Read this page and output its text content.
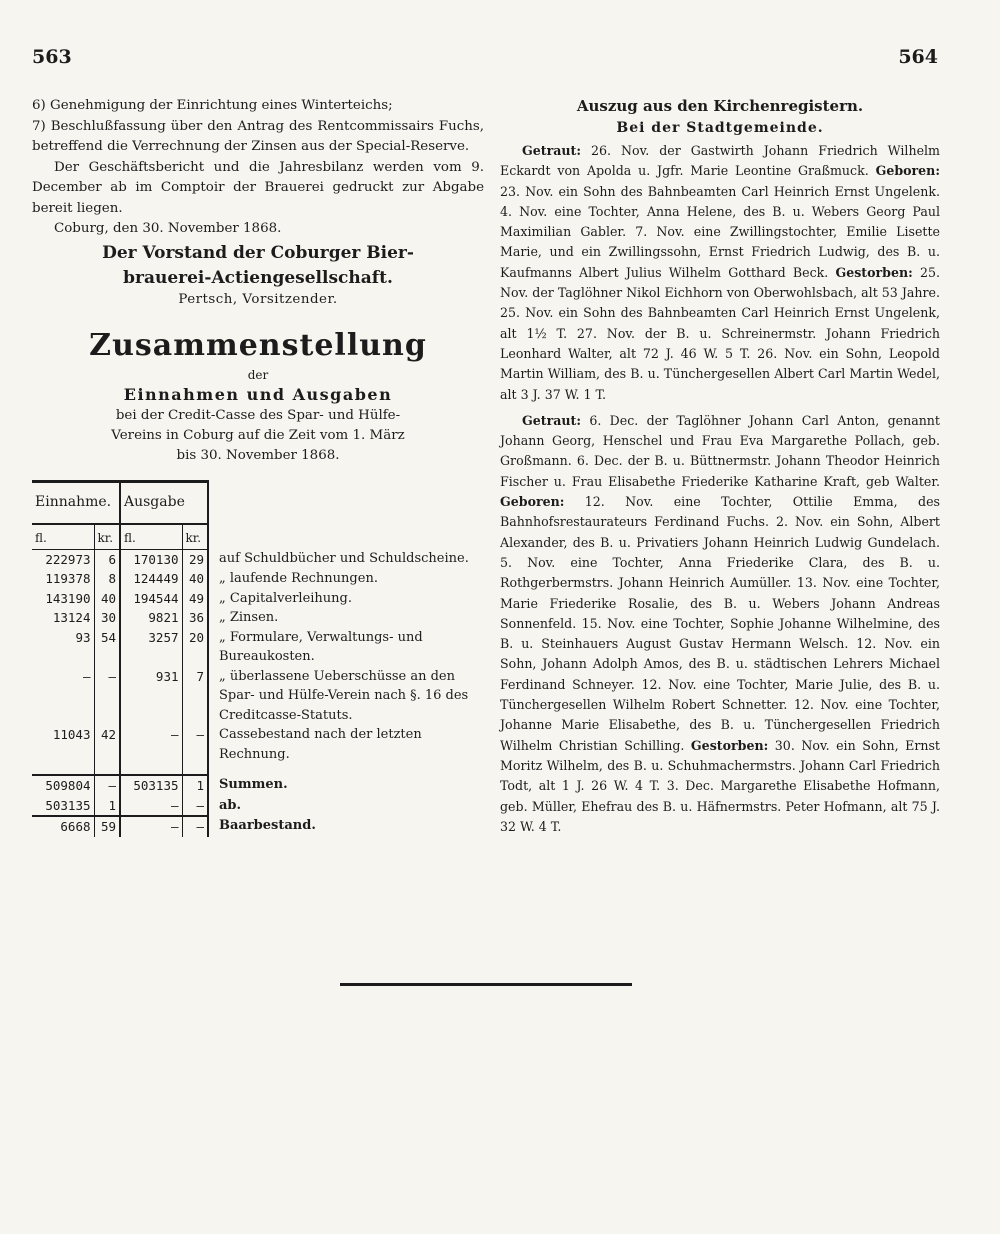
563	564

6) Genehmigung der Einrichtung eines Winterteichs;

7) Beschlußfassung über den Antrag des Rentcommissairs Fuchs, betreffend die Verrechnung der Zinsen aus der Special-Reserve.

Der Geschäftsbericht und die Jahresbilanz werden vom 9. December ab im Comptoir der Brauerei gedruckt zur Abgabe bereit liegen.

Coburg, den 30. November 1868.

Der Vorstand der Coburger Bier-
brauerei-Actiengesellschaft.
Pertsch, Vorsitzender.
Zusammenstellung
der
Einnahmen und Ausgaben
bei der Credit-Casse des Spar- und Hülfe-
Vereins in Coburg auf die Zeit vom 1. März
bis 30. November 1868.
Einnahme.		Ausgabe		
fl.	kr.	fl.	kr.	
222973	6	170130	29	auf Schuldbücher und Schuldscheine.
119378	8	124449	40	„ laufende Rechnungen.
143190	40	194544	49	„ Capitalverleihung.
13124	30	9821	36	„ Zinsen.
93	54	3257	20	„ Formulare, Verwaltungs- und Bureaukosten.
—	—	931	7	„ überlassene Ueberschüsse an den Spar- und Hülfe-Verein nach §. 16 des Creditcasse-Statuts.
11043	42	—	—	Cassebestand nach der letzten Rechnung.

509804	—	503135	1	Summen.
503135	1	—	—	ab.
6668	59	—	—	Baarbestand.
Auszug aus den Kirchenregistern.
Bei der Stadtgemeinde.

Getraut: 26. Nov. der Gastwirth Johann Friedrich Wilhelm Eckardt von Apolda u. Jgfr. Marie Leontine Graßmuck. Geboren: 23. Nov. ein Sohn des Bahnbeamten Carl Heinrich Ernst Ungelenk. 4. Nov. eine Tochter, Anna Helene, des B. u. Webers Georg Paul Maximilian Gabler. 7. Nov. eine Zwillingstochter, Emilie Lisette Marie, und ein Zwillingssohn, Ernst Friedrich Ludwig, des B. u. Kaufmanns Albert Julius Wilhelm Gotthard Beck. Gestorben: 25. Nov. der Taglöhner Nikol Eichhorn von Oberwohlsbach, alt 53 Jahre. 25. Nov. ein Sohn des Bahnbeamten Carl Heinrich Ernst Ungelenk, alt 1½ T. 27. Nov. der B. u. Schreinermstr. Johann Friedrich Leonhard Walter, alt 72 J. 46 W. 5 T. 26. Nov. ein Sohn, Leopold Martin William, des B. u. Tünchergesellen Albert Carl Martin Wedel, alt 3 J. 37 W. 1 T.

Getraut: 6. Dec. der Taglöhner Johann Carl Anton, genannt Johann Georg, Henschel und Frau Eva Margarethe Pollach, geb. Großmann. 6. Dec. der B. u. Büttnermstr. Johann Theodor Heinrich Fischer u. Frau Elisabethe Friederike Katharine Kraft, geb Walter. Geboren: 12. Nov. eine Tochter, Ottilie Emma, des Bahnhofsrestaurateurs Ferdinand Fuchs. 2. Nov. ein Sohn, Albert Alexander, des B. u. Privatiers Johann Heinrich Ludwig Gundelach. 5. Nov. eine Tochter, Anna Friederike Clara, des B. u. Rothgerbermstrs. Johann Heinrich Aumüller. 13. Nov. eine Tochter, Marie Friederike Rosalie, des B. u. Webers Johann Andreas Sonnenfeld. 15. Nov. eine Tochter, Sophie Johanne Wilhelmine, des B. u. Steinhauers August Gustav Hermann Welsch. 12. Nov. ein Sohn, Johann Adolph Amos, des B. u. städtischen Lehrers Michael Ferdinand Schneyer. 12. Nov. eine Tochter, Marie Julie, des B. u. Tünchergesellen Wilhelm Robert Schnetter. 12. Nov. eine Tochter, Johanne Marie Elisabethe, des B. u. Tünchergesellen Friedrich Wilhelm Christian Schilling. Gestorben: 30. Nov. ein Sohn, Ernst Moritz Wilhelm, des B. u. Schuhmachermstrs. Johann Carl Friedrich Todt, alt 1 J. 26 W. 4 T. 3. Dec. Margarethe Elisabethe Hofmann, geb. Müller, Ehefrau des B. u. Häfnermstrs. Peter Hofmann, alt 75 J. 32 W. 4 T.
